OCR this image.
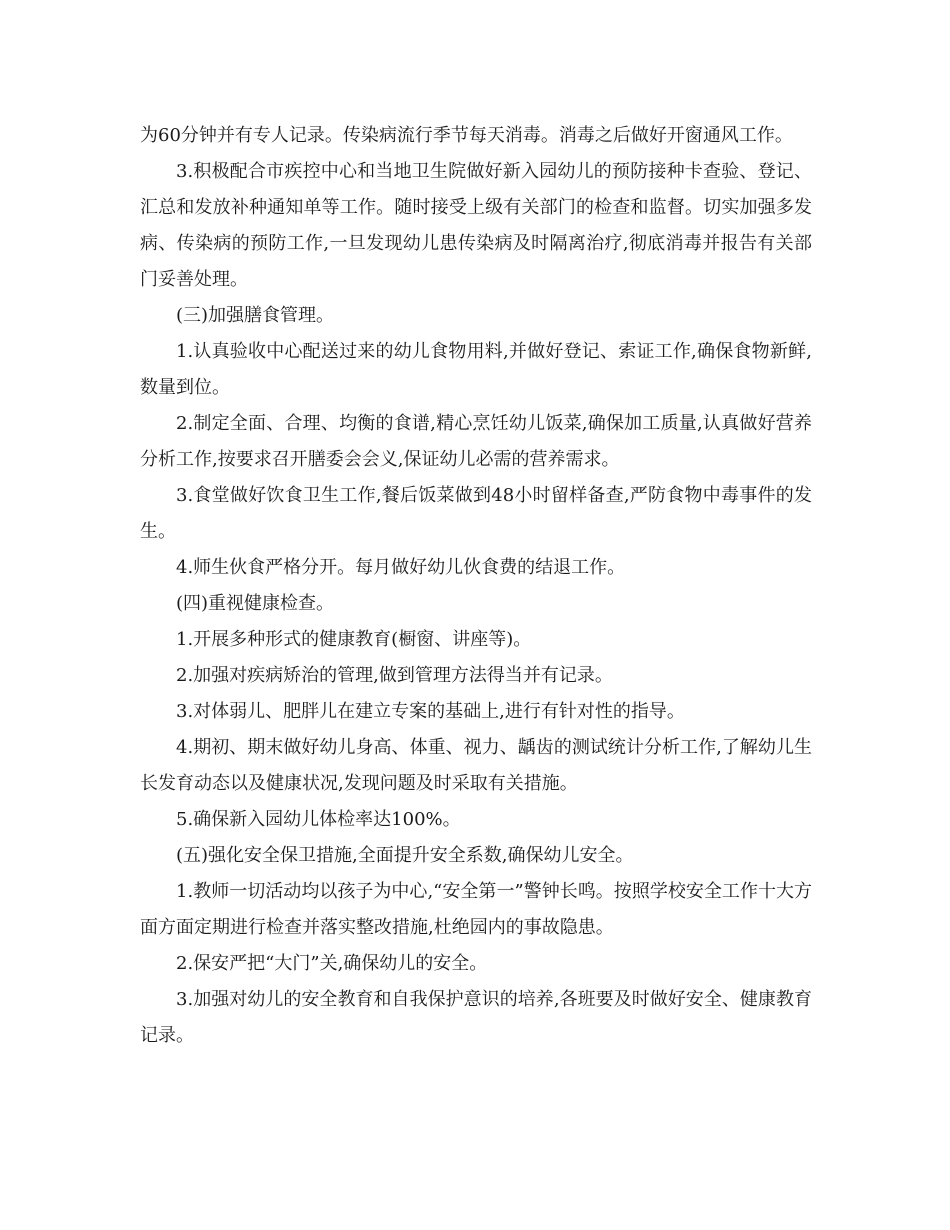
为60分钟并有专人记录。传染病流行季节每天消毒。消毒之后做好开窗通风工作。

3.积极配合市疾控中心和当地卫生院做好新入园幼儿的预防接种卡查验、登记、汇总和发放补种通知单等工作。随时接受上级有关部门的检查和监督。切实加强多发病、传染病的预防工作,一旦发现幼儿患传染病及时隔离治疗,彻底消毒并报告有关部门妥善处理。

(三)加强膳食管理。

1.认真验收中心配送过来的幼儿食物用料,并做好登记、索证工作,确保食物新鲜,数量到位。

2.制定全面、合理、均衡的食谱,精心烹饪幼儿饭菜,确保加工质量,认真做好营养分析工作,按要求召开膳委会会义,保证幼儿必需的营养需求。

3.食堂做好饮食卫生工作,餐后饭菜做到48小时留样备查,严防食物中毒事件的发生。

4.师生伙食严格分开。每月做好幼儿伙食费的结退工作。

(四)重视健康检查。

1.开展多种形式的健康教育(橱窗、讲座等)。

2.加强对疾病矫治的管理,做到管理方法得当并有记录。

3.对体弱儿、肥胖儿在建立专案的基础上,进行有针对性的指导。

4.期初、期末做好幼儿身高、体重、视力、龋齿的测试统计分析工作,了解幼儿生长发育动态以及健康状况,发现问题及时采取有关措施。

5.确保新入园幼儿体检率达100%。

(五)强化安全保卫措施,全面提升安全系数,确保幼儿安全。

1.教师一切活动均以孩子为中心,“安全第一”警钟长鸣。按照学校安全工作十大方面方面定期进行检查并落实整改措施,杜绝园内的事故隐患。

2.保安严把“大门”关,确保幼儿的安全。

3.加强对幼儿的安全教育和自我保护意识的培养,各班要及时做好安全、健康教育记录。
